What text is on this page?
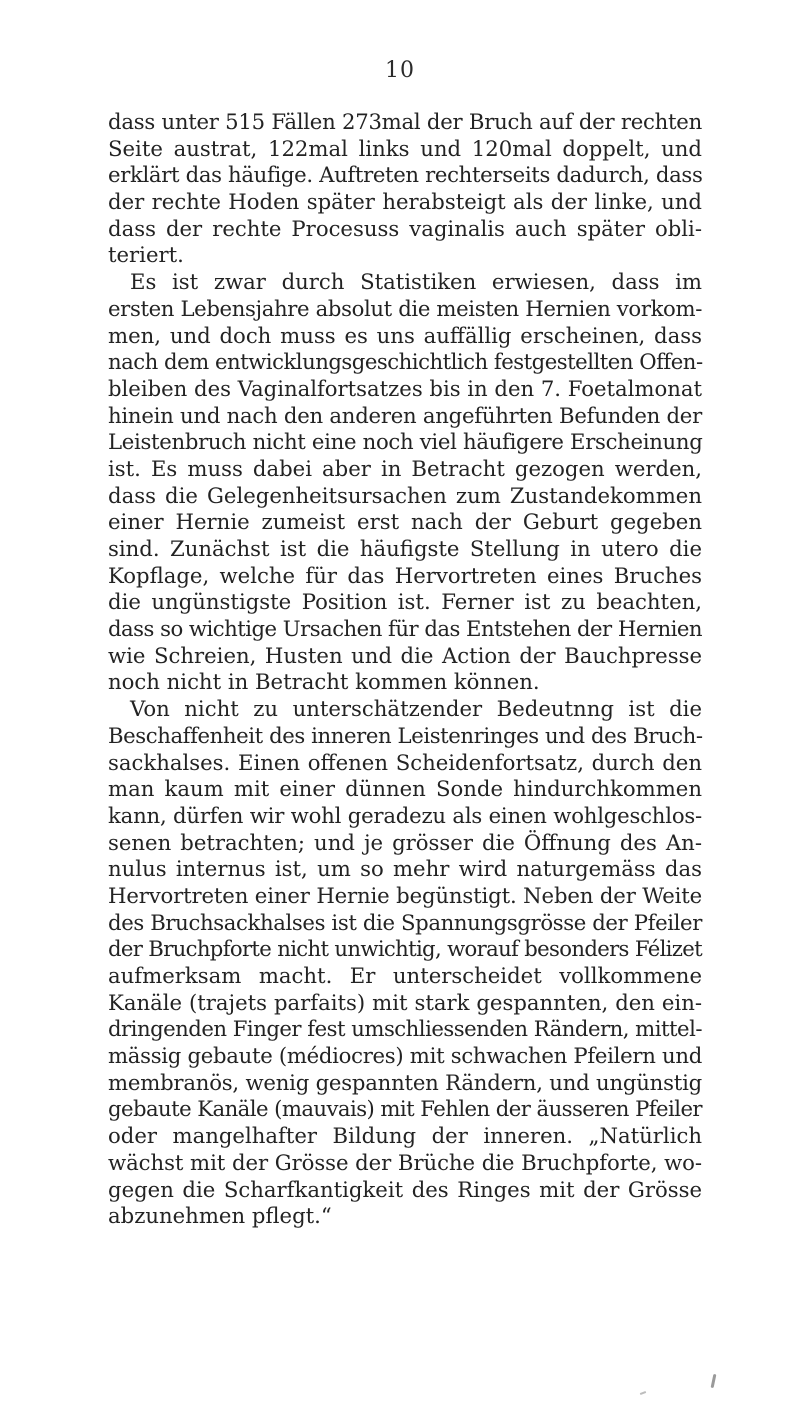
10
dass unter 515 Fällen 273mal der Bruch auf der rechten
Seite austrat, 122mal links und 120mal doppelt, und
erklärt das häufige. Auftreten rechterseits dadurch, dass
der rechte Hoden später herabsteigt als der linke, und
dass der rechte Procesuss vaginalis auch später obli-
teriert.
Es ist zwar durch Statistiken erwiesen, dass im
ersten Lebensjahre absolut die meisten Hernien vorkom-
men, und doch muss es uns auffällig erscheinen, dass
nach dem entwicklungsgeschichtlich festgestellten Offen-
bleiben des Vaginalfortsatzes bis in den 7. Foetalmonat
hinein und nach den anderen angeführten Befunden der
Leistenbruch nicht eine noch viel häufigere Erscheinung
ist. Es muss dabei aber in Betracht gezogen werden,
dass die Gelegenheitsursachen zum Zustandekommen
einer Hernie zumeist erst nach der Geburt gegeben
sind. Zunächst ist die häufigste Stellung in utero die
Kopflage, welche für das Hervortreten eines Bruches
die ungünstigste Position ist. Ferner ist zu beachten,
dass so wichtige Ursachen für das Entstehen der Hernien
wie Schreien, Husten und die Action der Bauchpresse
noch nicht in Betracht kommen können.
Von nicht zu unterschätzender Bedeutnng ist die
Beschaffenheit des inneren Leistenringes und des Bruch-
sackhalses. Einen offenen Scheidenfortsatz, durch den
man kaum mit einer dünnen Sonde hindurchkommen
kann, dürfen wir wohl geradezu als einen wohlgeschlos-
senen betrachten; und je grösser die Öffnung des An-
nulus internus ist, um so mehr wird naturgemäss das
Hervortreten einer Hernie begünstigt. Neben der Weite
des Bruchsackhalses ist die Spannungsgrösse der Pfeiler
der Bruchpforte nicht unwichtig, worauf besonders Félizet
aufmerksam macht. Er unterscheidet vollkommene
Kanäle (trajets parfaits) mit stark gespannten, den ein-
dringenden Finger fest umschliessenden Rändern, mittel-
mässig gebaute (médiocres) mit schwachen Pfeilern und
membranös, wenig gespannten Rändern, und ungünstig
gebaute Kanäle (mauvais) mit Fehlen der äusseren Pfeiler
oder mangelhafter Bildung der inneren. „Natürlich
wächst mit der Grösse der Brüche die Bruchpforte, wo-
gegen die Scharfkantigkeit des Ringes mit der Grösse
abzunehmen pflegt.“
